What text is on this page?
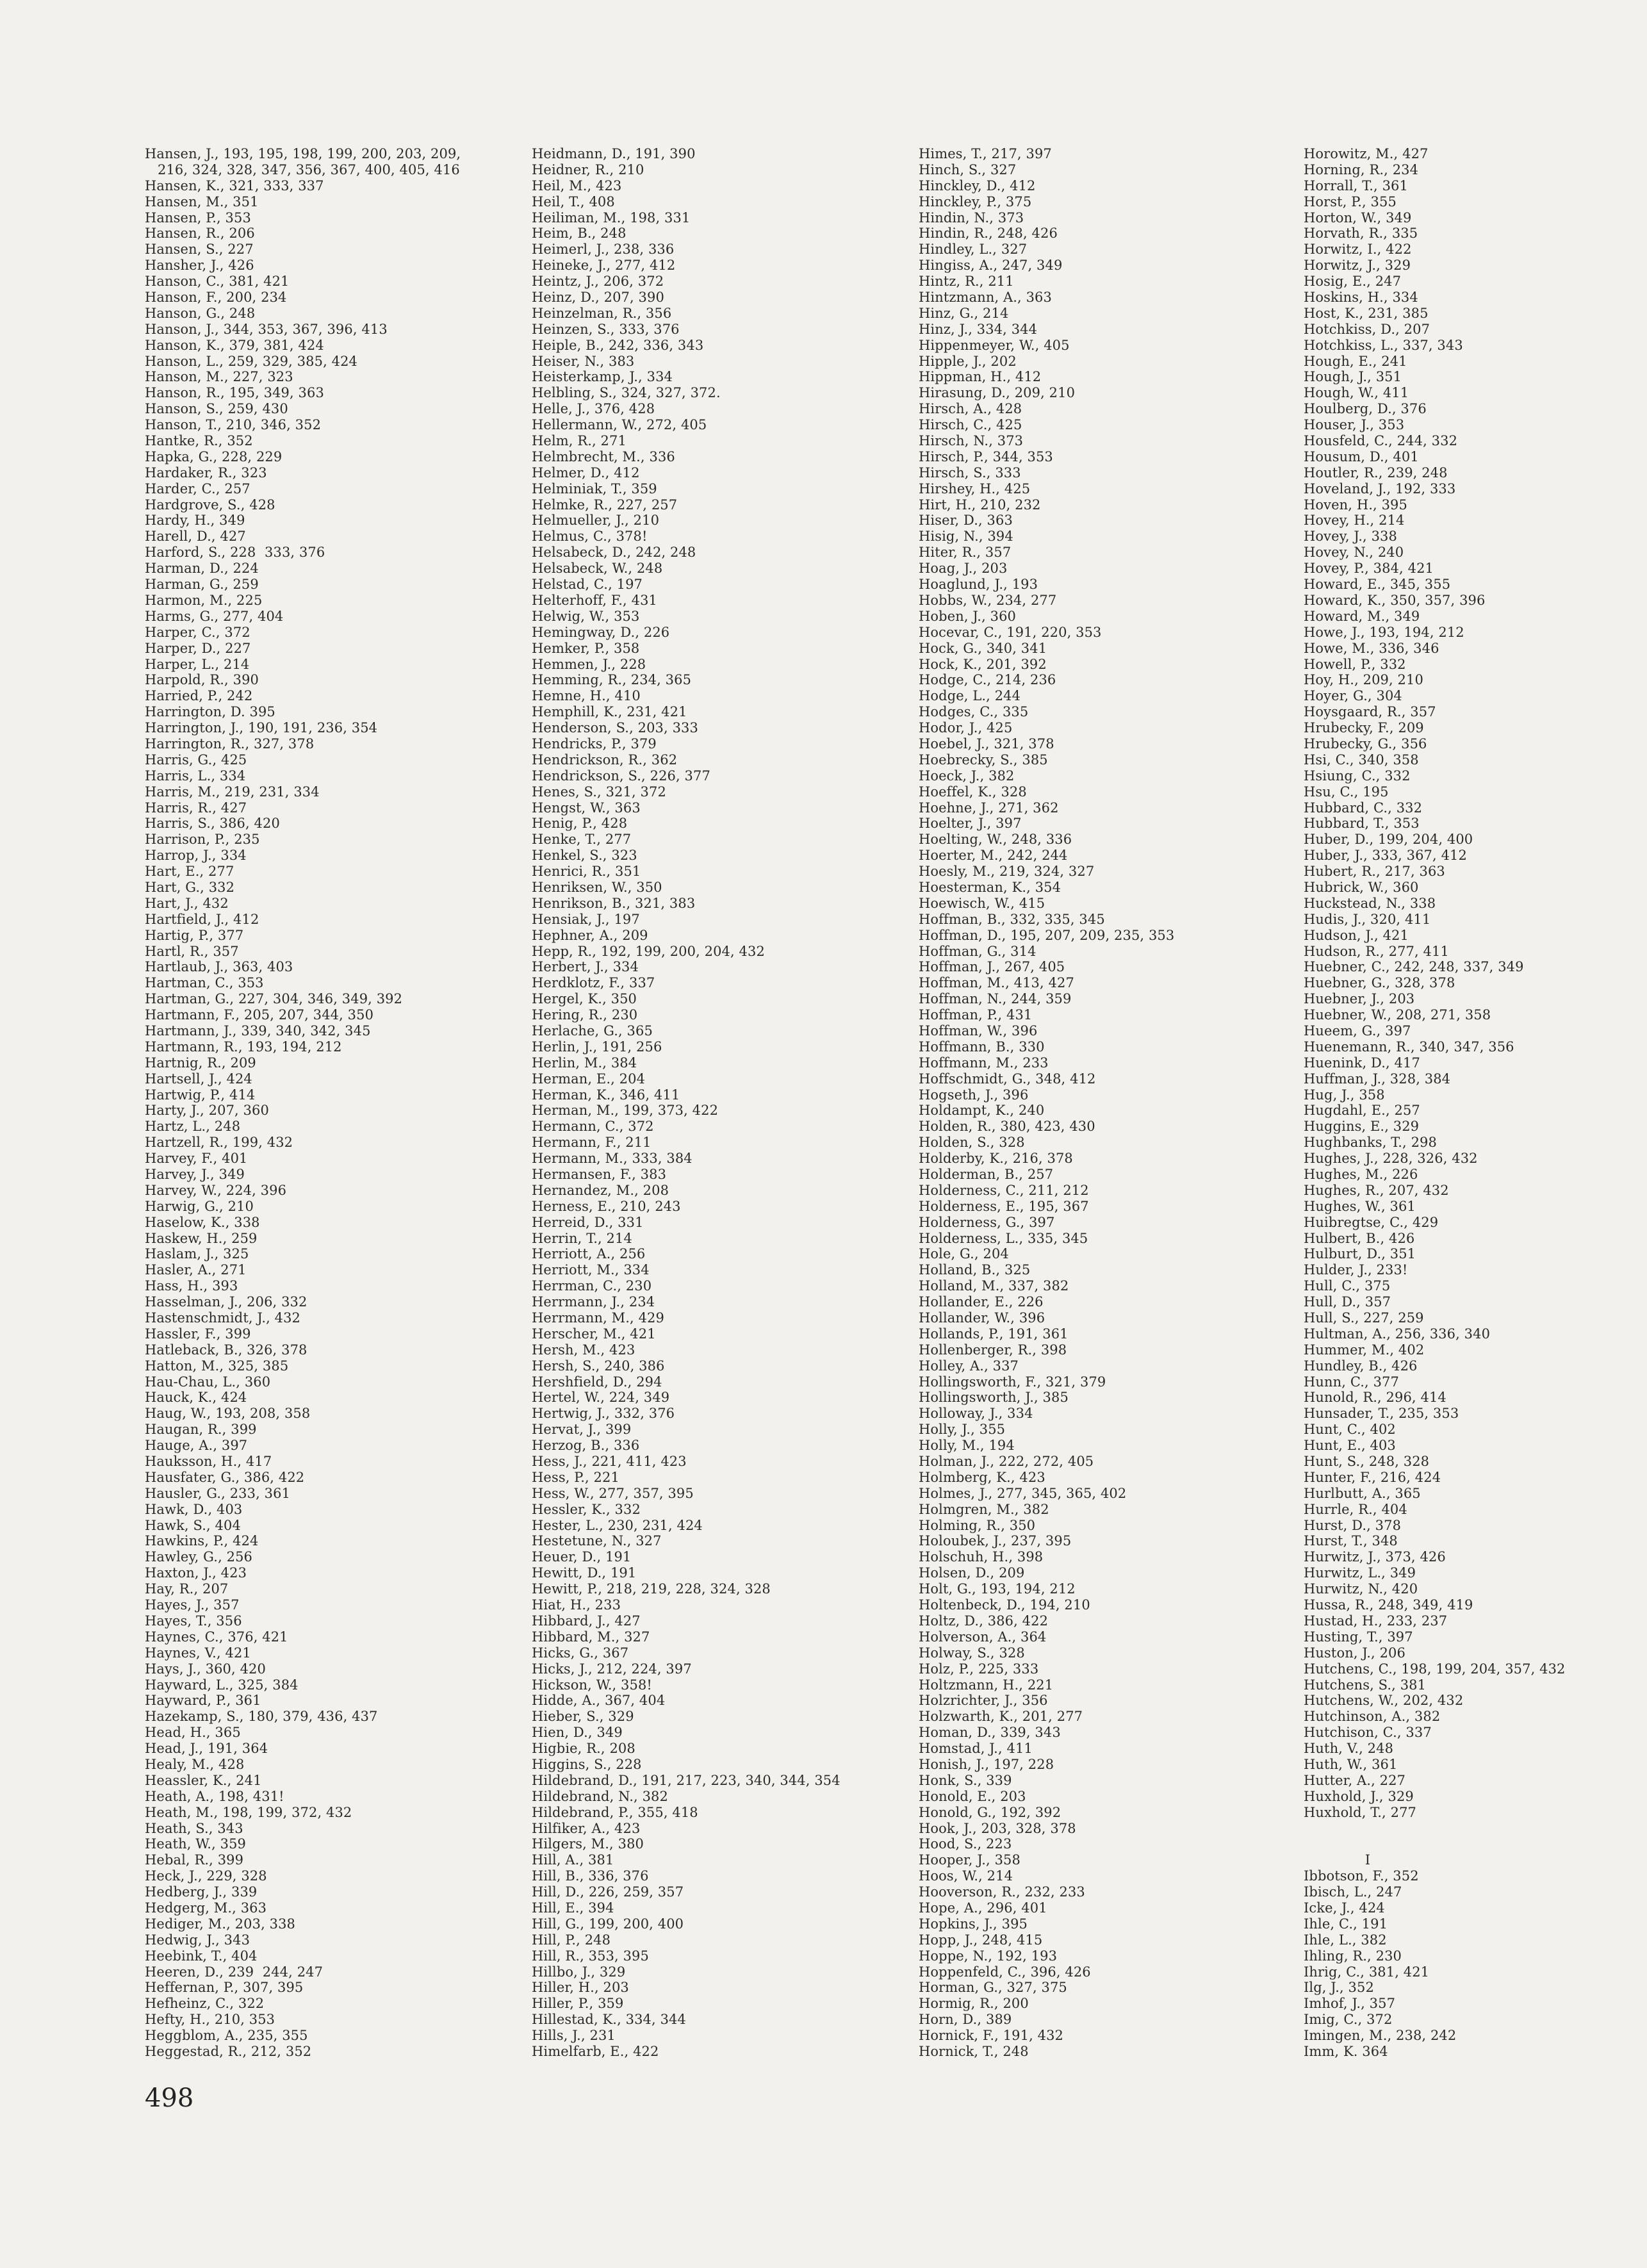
Hansen, J., 193, 195, 198, 199, 200, 203, 209,
216, 324, 328, 347, 356, 367, 400, 405, 416
Hansen, K., 321, 333, 337
Hansen, M., 351
Hansen, P., 353
Hansen, R., 206
Hansen, S., 227
Hansher, J., 426
Hanson, C., 381, 421
Hanson, F., 200, 234
Hanson, G., 248
Hanson, J., 344, 353, 367, 396, 413
Hanson, K., 379, 381, 424
Hanson, L., 259, 329, 385, 424
Hanson, M., 227, 323
Hanson, R., 195, 349, 363
Hanson, S., 259, 430
Hanson, T., 210, 346, 352
Hantke, R., 352
Hapka, G., 228, 229
Hardaker, R., 323
Harder, C., 257
Hardgrove, S., 428
Hardy, H., 349
Harell, D., 427
Harford, S., 228  333, 376
Harman, D., 224
Harman, G., 259
Harmon, M., 225
Harms, G., 277, 404
Harper, C., 372
Harper, D., 227
Harper, L., 214
Harpold, R., 390
Harried, P., 242
Harrington, D. 395
Harrington, J., 190, 191, 236, 354
Harrington, R., 327, 378
Harris, G., 425
Harris, L., 334
Harris, M., 219, 231, 334
Harris, R., 427
Harris, S., 386, 420
Harrison, P., 235
Harrop, J., 334
Hart, E., 277
Hart, G., 332
Hart, J., 432
Hartfield, J., 412
Hartig, P., 377
Hartl, R., 357
Hartlaub, J., 363, 403
Hartman, C., 353
Hartman, G., 227, 304, 346, 349, 392
Hartmann, F., 205, 207, 344, 350
Hartmann, J., 339, 340, 342, 345
Hartmann, R., 193, 194, 212
Hartnig, R., 209
Hartsell, J., 424
Hartwig, P., 414
Harty, J., 207, 360
Hartz, L., 248
Hartzell, R., 199, 432
Harvey, F., 401
Harvey, J., 349
Harvey, W., 224, 396
Harwig, G., 210
Haselow, K., 338
Haskew, H., 259
Haslam, J., 325
Hasler, A., 271
Hass, H., 393
Hasselman, J., 206, 332
Hastenschmidt, J., 432
Hassler, F., 399
Hatleback, B., 326, 378
Hatton, M., 325, 385
Hau-Chau, L., 360
Hauck, K., 424
Haug, W., 193, 208, 358
Haugan, R., 399
Hauge, A., 397
Hauksson, H., 417
Hausfater, G., 386, 422
Hausler, G., 233, 361
Hawk, D., 403
Hawk, S., 404
Hawkins, P., 424
Hawley, G., 256
Haxton, J., 423
Hay, R., 207
Hayes, J., 357
Hayes, T., 356
Haynes, C., 376, 421
Haynes, V., 421
Hays, J., 360, 420
Hayward, L., 325, 384
Hayward, P., 361
Hazekamp, S., 180, 379, 436, 437
Head, H., 365
Head, J., 191, 364
Healy, M., 428
Heassler, K., 241
Heath, A., 198, 431!
Heath, M., 198, 199, 372, 432
Heath, S., 343
Heath, W., 359
Hebal, R., 399
Heck, J., 229, 328
Hedberg, J., 339
Hedgerg, M., 363
Hediger, M., 203, 338
Hedwig, J., 343
Heebink, T., 404
Heeren, D., 239  244, 247
Heffernan, P., 307, 395
Hefheinz, C., 322
Hefty, H., 210, 353
Heggblom, A., 235, 355
Heggestad, R., 212, 352
Heidmann, D., 191, 390
Heidner, R., 210
Heil, M., 423
Heil, T., 408
Heiliman, M., 198, 331
Heim, B., 248
Heimerl, J., 238, 336
Heineke, J., 277, 412
Heintz, J., 206, 372
Heinz, D., 207, 390
Heinzelman, R., 356
Heinzen, S., 333, 376
Heiple, B., 242, 336, 343
Heiser, N., 383
Heisterkamp, J., 334
Helbling, S., 324, 327, 372.
Helle, J., 376, 428
Hellermann, W., 272, 405
Helm, R., 271
Helmbrecht, M., 336
Helmer, D., 412
Helminiak, T., 359
Helmke, R., 227, 257
Helmueller, J., 210
Helmus, C., 378!
Helsabeck, D., 242, 248
Helsabeck, W., 248
Helstad, C., 197
Helterhoff, F., 431
Helwig, W., 353
Hemingway, D., 226
Hemker, P., 358
Hemmen, J., 228
Hemming, R., 234, 365
Hemne, H., 410
Hemphill, K., 231, 421
Henderson, S., 203, 333
Hendricks, P., 379
Hendrickson, R., 362
Hendrickson, S., 226, 377
Henes, S., 321, 372
Hengst, W., 363
Henig, P., 428
Henke, T., 277
Henkel, S., 323
Henrici, R., 351
Henriksen, W., 350
Henrikson, B., 321, 383
Hensiak, J., 197
Hephner, A., 209
Hepp, R., 192, 199, 200, 204, 432
Herbert, J., 334
Herdklotz, F., 337
Hergel, K., 350
Hering, R., 230
Herlache, G., 365
Herlin, J., 191, 256
Herlin, M., 384
Herman, E., 204
Herman, K., 346, 411
Herman, M., 199, 373, 422
Hermann, C., 372
Hermann, F., 211
Hermann, M., 333, 384
Hermansen, F., 383
Hernandez, M., 208
Herness, E., 210, 243
Herreid, D., 331
Herrin, T., 214
Herriott, A., 256
Herriott, M., 334
Herrman, C., 230
Herrmann, J., 234
Herrmann, M., 429
Herscher, M., 421
Hersh, M., 423
Hersh, S., 240, 386
Hershfield, D., 294
Hertel, W., 224, 349
Hertwig, J., 332, 376
Hervat, J., 399
Herzog, B., 336
Hess, J., 221, 411, 423
Hess, P., 221
Hess, W., 277, 357, 395
Hessler, K., 332
Hester, L., 230, 231, 424
Hestetune, N., 327
Heuer, D., 191
Hewitt, D., 191
Hewitt, P., 218, 219, 228, 324, 328
Hiat, H., 233
Hibbard, J., 427
Hibbard, M., 327
Hicks, G., 367
Hicks, J., 212, 224, 397
Hickson, W., 358!
Hidde, A., 367, 404
Hieber, S., 329
Hien, D., 349
Higbie, R., 208
Higgins, S., 228
Hildebrand, D., 191, 217, 223, 340, 344, 354
Hildebrand, N., 382
Hildebrand, P., 355, 418
Hilfiker, A., 423
Hilgers, M., 380
Hill, A., 381
Hill, B., 336, 376
Hill, D., 226, 259, 357
Hill, E., 394
Hill, G., 199, 200, 400
Hill, P., 248
Hill, R., 353, 395
Hillbo, J., 329
Hiller, H., 203
Hiller, P., 359
Hillestad, K., 334, 344
Hills, J., 231
Himelfarb, E., 422
Himes, T., 217, 397
Hinch, S., 327
Hinckley, D., 412
Hinckley, P., 375
Hindin, N., 373
Hindin, R., 248, 426
Hindley, L., 327
Hingiss, A., 247, 349
Hintz, R., 211
Hintzmann, A., 363
Hinz, G., 214
Hinz, J., 334, 344
Hippenmeyer, W., 405
Hipple, J., 202
Hippman, H., 412
Hirasung, D., 209, 210
Hirsch, A., 428
Hirsch, C., 425
Hirsch, N., 373
Hirsch, P., 344, 353
Hirsch, S., 333
Hirshey, H., 425
Hirt, H., 210, 232
Hiser, D., 363
Hisig, N., 394
Hiter, R., 357
Hoag, J., 203
Hoaglund, J., 193
Hobbs, W., 234, 277
Hoben, J., 360
Hocevar, C., 191, 220, 353
Hock, G., 340, 341
Hock, K., 201, 392
Hodge, C., 214, 236
Hodge, L., 244
Hodges, C., 335
Hodor, J., 425
Hoebel, J., 321, 378
Hoebrecky, S., 385
Hoeck, J., 382
Hoeffel, K., 328
Hoehne, J., 271, 362
Hoelter, J., 397
Hoelting, W., 248, 336
Hoerter, M., 242, 244
Hoesly, M., 219, 324, 327
Hoesterman, K., 354
Hoewisch, W., 415
Hoffman, B., 332, 335, 345
Hoffman, D., 195, 207, 209, 235, 353
Hoffman, G., 314
Hoffman, J., 267, 405
Hoffman, M., 413, 427
Hoffman, N., 244, 359
Hoffman, P., 431
Hoffman, W., 396
Hoffmann, B., 330
Hoffmann, M., 233
Hoffschmidt, G., 348, 412
Hogseth, J., 396
Holdampt, K., 240
Holden, R., 380, 423, 430
Holden, S., 328
Holderby, K., 216, 378
Holderman, B., 257
Holderness, C., 211, 212
Holderness, E., 195, 367
Holderness, G., 397
Holderness, L., 335, 345
Hole, G., 204
Holland, B., 325
Holland, M., 337, 382
Hollander, E., 226
Hollander, W., 396
Hollands, P., 191, 361
Hollenberger, R., 398
Holley, A., 337
Hollingsworth, F., 321, 379
Hollingsworth, J., 385
Holloway, J., 334
Holly, J., 355
Holly, M., 194
Holman, J., 222, 272, 405
Holmberg, K., 423
Holmes, J., 277, 345, 365, 402
Holmgren, M., 382
Holming, R., 350
Holoubek, J., 237, 395
Holschuh, H., 398
Holsen, D., 209
Holt, G., 193, 194, 212
Holtenbeck, D., 194, 210
Holtz, D., 386, 422
Holverson, A., 364
Holway, S., 328
Holz, P., 225, 333
Holtzmann, H., 221
Holzrichter, J., 356
Holzwarth, K., 201, 277
Homan, D., 339, 343
Homstad, J., 411
Honish, J., 197, 228
Honk, S., 339
Honold, E., 203
Honold, G., 192, 392
Hook, J., 203, 328, 378
Hood, S., 223
Hooper, J., 358
Hoos, W., 214
Hooverson, R., 232, 233
Hope, A., 296, 401
Hopkins, J., 395
Hopp, J., 248, 415
Hoppe, N., 192, 193
Hoppenfeld, C., 396, 426
Horman, G., 327, 375
Hormig, R., 200
Horn, D., 389
Hornick, F., 191, 432
Hornick, T., 248
Horowitz, M., 427
Horning, R., 234
Horrall, T., 361
Horst, P., 355
Horton, W., 349
Horvath, R., 335
Horwitz, I., 422
Horwitz, J., 329
Hosig, E., 247
Hoskins, H., 334
Host, K., 231, 385
Hotchkiss, D., 207
Hotchkiss, L., 337, 343
Hough, E., 241
Hough, J., 351
Hough, W., 411
Houlberg, D., 376
Houser, J., 353
Housfeld, C., 244, 332
Housum, D., 401
Houtler, R., 239, 248
Hoveland, J., 192, 333
Hoven, H., 395
Hovey, H., 214
Hovey, J., 338
Hovey, N., 240
Hovey, P., 384, 421
Howard, E., 345, 355
Howard, K., 350, 357, 396
Howard, M., 349
Howe, J., 193, 194, 212
Howe, M., 336, 346
Howell, P., 332
Hoy, H., 209, 210
Hoyer, G., 304
Hoysgaard, R., 357
Hrubecky, F., 209
Hrubecky, G., 356
Hsi, C., 340, 358
Hsiung, C., 332
Hsu, C., 195
Hubbard, C., 332
Hubbard, T., 353
Huber, D., 199, 204, 400
Huber, J., 333, 367, 412
Hubert, R., 217, 363
Hubrick, W., 360
Huckstead, N., 338
Hudis, J., 320, 411
Hudson, J., 421
Hudson, R., 277, 411
Huebner, C., 242, 248, 337, 349
Huebner, G., 328, 378
Huebner, J., 203
Huebner, W., 208, 271, 358
Hueem, G., 397
Huenemann, R., 340, 347, 356
Huenink, D., 417
Huffman, J., 328, 384
Hug, J., 358
Hugdahl, E., 257
Huggins, E., 329
Hughbanks, T., 298
Hughes, J., 228, 326, 432
Hughes, M., 226
Hughes, R., 207, 432
Hughes, W., 361
Huibregtse, C., 429
Hulbert, B., 426
Hulburt, D., 351
Hulder, J., 233!
Hull, C., 375
Hull, D., 357
Hull, S., 227, 259
Hultman, A., 256, 336, 340
Hummer, M., 402
Hundley, B., 426
Hunn, C., 377
Hunold, R., 296, 414
Hunsader, T., 235, 353
Hunt, C., 402
Hunt, E., 403
Hunt, S., 248, 328
Hunter, F., 216, 424
Hurlbutt, A., 365
Hurrle, R., 404
Hurst, D., 378
Hurst, T., 348
Hurwitz, J., 373, 426
Hurwitz, L., 349
Hurwitz, N., 420
Hussa, R., 248, 349, 419
Hustad, H., 233, 237
Husting, T., 397
Huston, J., 206
Hutchens, C., 198, 199, 204, 357, 432
Hutchens, S., 381
Hutchens, W., 202, 432
Hutchinson, A., 382
Hutchison, C., 337
Huth, V., 248
Huth, W., 361
Hutter, A., 227
Huxhold, J., 329
Huxhold, T., 277
I
Ibbotson, F., 352
Ibisch, L., 247
Icke, J., 424
Ihle, C., 191
Ihle, L., 382
Ihling, R., 230
Ihrig, C., 381, 421
Ilg, J., 352
Imhof, J., 357
Imig, C., 372
Imingen, M., 238, 242
Imm, K. 364
498
